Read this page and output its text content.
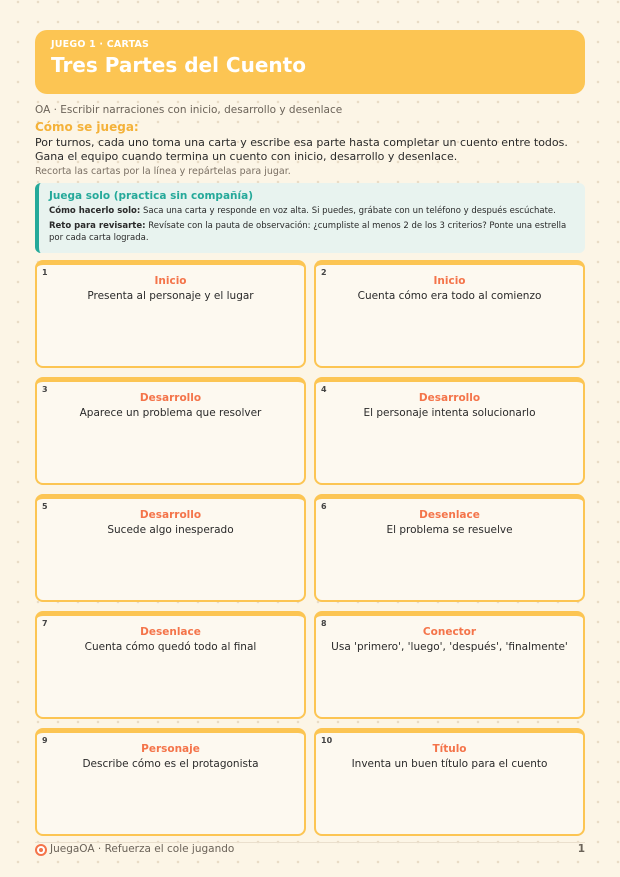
JUEGO 1 · CARTAS
Tres Partes del Cuento
OA · Escribir narraciones con inicio, desarrollo y desenlace
Cómo se juega:
Por turnos, cada uno toma una carta y escribe esa parte hasta completar un cuento entre todos. Gana el equipo cuando termina un cuento con inicio, desarrollo y desenlace.
Recorta las cartas por la línea y repártelas para jugar.
Juega solo (practica sin compañía)
Cómo hacerlo solo: Saca una carta y responde en voz alta. Si puedes, grábate con un teléfono y después escúchate.
Reto para revisarte: Revísate con la pauta de observación: ¿cumpliste al menos 2 de los 3 criterios? Ponte una estrella por cada carta lograda.
1
Inicio
Presenta al personaje y el lugar
2
Inicio
Cuenta cómo era todo al comienzo
3
Desarrollo
Aparece un problema que resolver
4
Desarrollo
El personaje intenta solucionarlo
5
Desarrollo
Sucede algo inesperado
6
Desenlace
El problema se resuelve
7
Desenlace
Cuenta cómo quedó todo al final
8
Conector
Usa 'primero', 'luego', 'después', 'finalmente'
9
Personaje
Describe cómo es el protagonista
10
Título
Inventa un buen título para el cuento
JuegaOA · Refuerza el cole jugando	1
